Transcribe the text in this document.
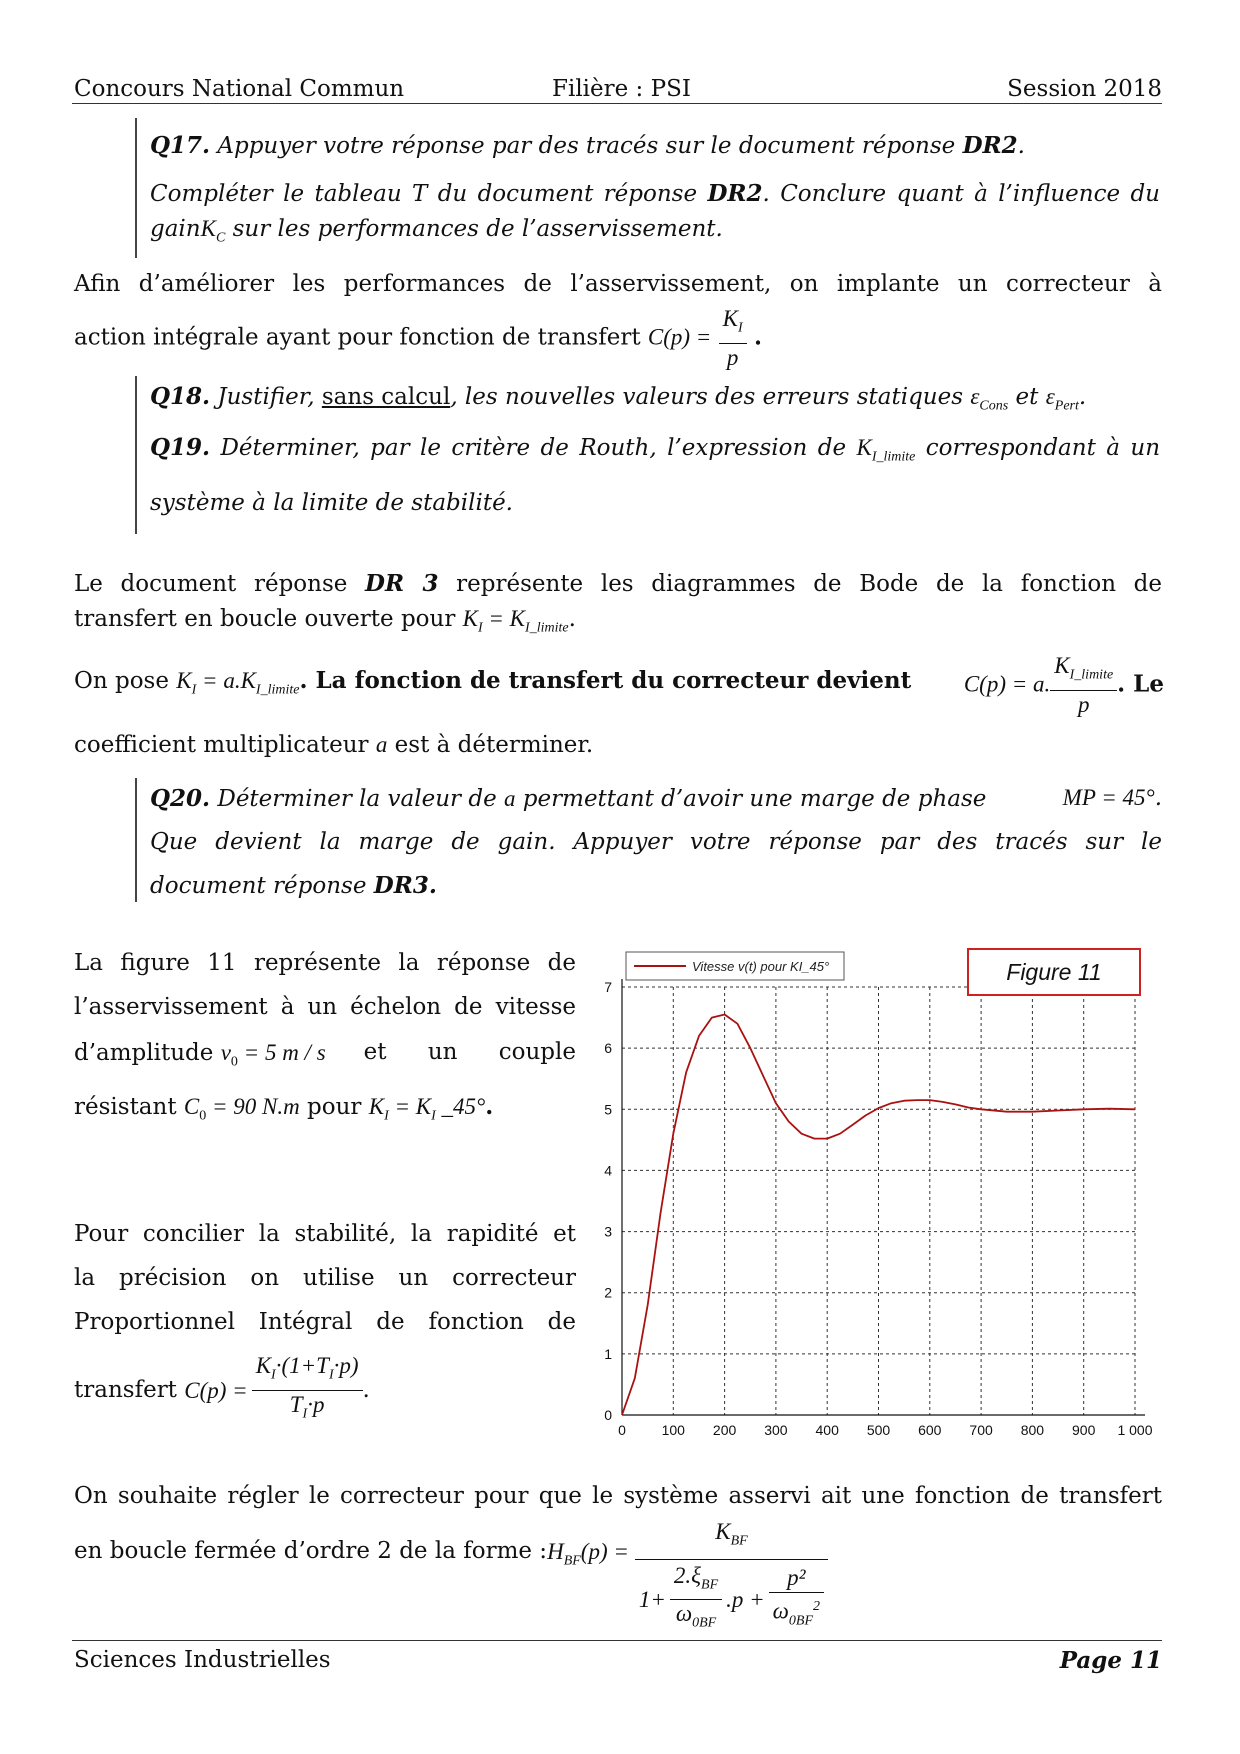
Concours National Commun	Filière : PSI	Session 2018
Q17. Appuyer votre réponse par des tracés sur le document réponse DR2.
Compléter le tableau T du document réponse DR2. Conclure quant à l’influence du
gainK$_C$ sur les performances de l’asservissement.
Afin d’améliorer les performances de l’asservissement, on implante un correcteur à
action intégrale ayant pour fonction de transfert $C(p) = \frac{K_I}{p}$ .
Q18. Justifier, sans calcul, les nouvelles valeurs des erreurs statiques $\varepsilon_{Cons}$ et $\varepsilon_{Pert}$.
Q19. Déterminer, par le critère de Routh, l’expression de $K_{I\_limite}$ correspondant à un
système à la limite de stabilité.
Le document réponse DR 3 représente les diagrammes de Bode de la fonction de
transfert en boucle ouverte pour $K_I = K_{I\_limite}$.
On pose $K_I = a.K_{I\_limite}$. La fonction de transfert du correcteur devient C(p) = a. $\frac{K_{I\_limite}}{p}$ . Le
coefficient multiplicateur a est à déterminer.
Q20. Déterminer la valeur de a permettant d’avoir une marge de phase	MP = 45°.
Que devient la marge de gain. Appuyer votre réponse par des tracés sur le
document réponse DR3.
La figure 11 représente la réponse de
l’asservissement à un échelon de vitesse
d’amplitude $v_0 = 5$ m / s et un couple
résistant $C_0 = 90$ N.m pour $K_I = K_I$ _45°.
Pour concilier la stabilité, la rapidité et
la précision on utilise un correcteur
Proportionnel Intégral de fonction de
transfert
$C(p) = \frac{K_I\cdot(1+T_I\cdot p)}{T_I\cdot p}$ .
0	100 200 300 400 500 600 700 800 900 1 000
0
1
2
3
4
5
6
7
Vitesse v(t) pour KI_45°	Figure 11
On souhaite régler le correcteur pour que le système asservi ait une fonction de transfert
en boucle fermée d’ordre 2 de la forme : $H_{BF}(p)$ =
$K_{BF}$
$1+ \frac{2.\xi_{BF}}{\omega_{0BF}} .p + \frac{\text{p²}}{\omega_{0BF}^2}$
Sciences Industrielles	Page 11
